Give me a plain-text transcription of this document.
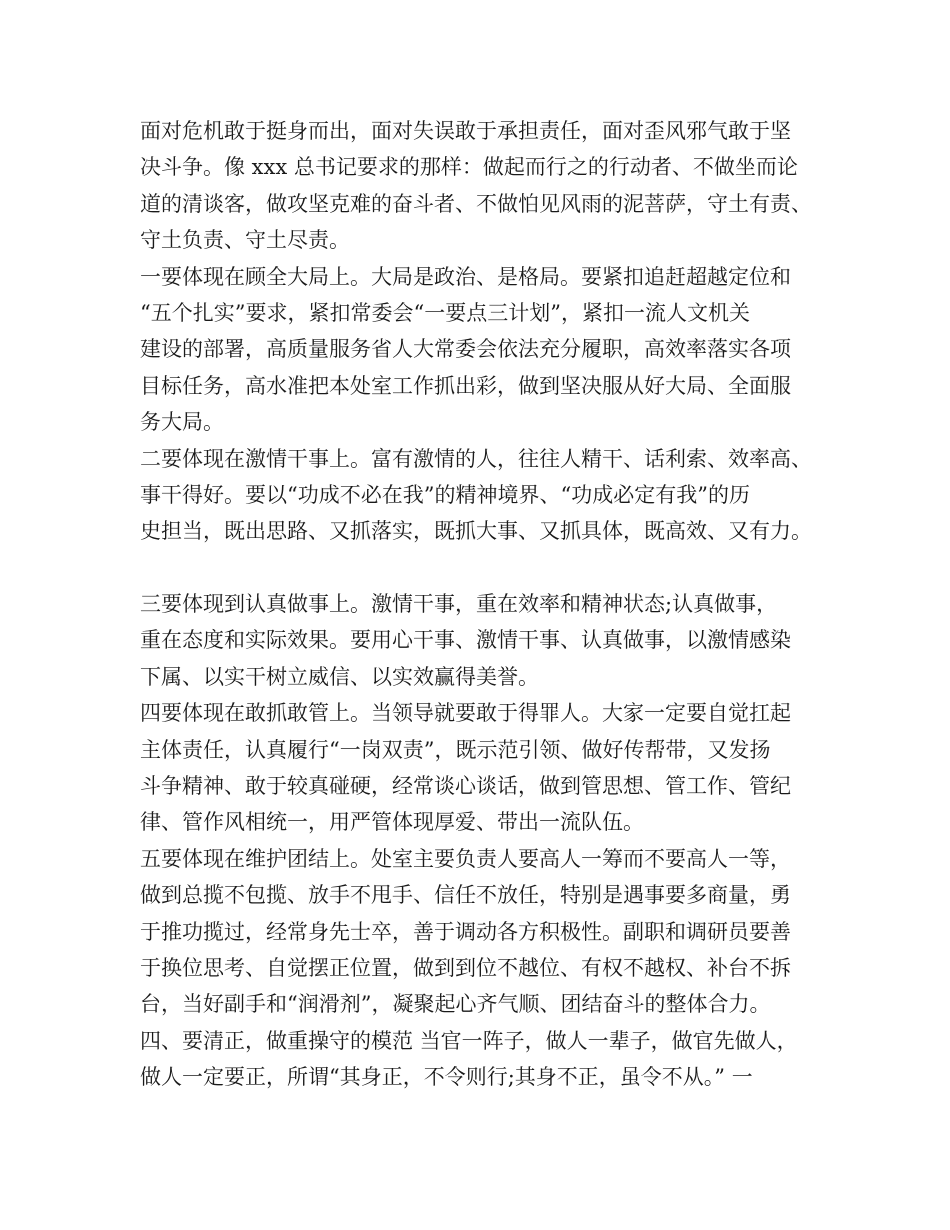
面对危机敢于挺身而出，面对失误敢于承担责任，面对歪风邪气敢于坚
决斗争。像 xxx 总书记要求的那样：做起而行之的行动者、不做坐而论
道的清谈客，做攻坚克难的奋斗者、不做怕见风雨的泥菩萨，守土有责、
守土负责、守土尽责。
一要体现在顾全大局上。大局是政治、是格局。要紧扣追赶超越定位和
“五个扎实”要求，紧扣常委会“一要点三计划”，紧扣一流人文机关
建设的部署，高质量服务省人大常委会依法充分履职，高效率落实各项
目标任务，高水准把本处室工作抓出彩，做到坚决服从好大局、全面服
务大局。
二要体现在激情干事上。富有激情的人，往往人精干、话利索、效率高、
事干得好。要以“功成不必在我”的精神境界、“功成必定有我”的历
史担当，既出思路、又抓落实，既抓大事、又抓具体，既高效、又有力。
三要体现到认真做事上。激情干事，重在效率和精神状态;认真做事，
重在态度和实际效果。要用心干事、激情干事、认真做事，以激情感染
下属、以实干树立威信、以实效赢得美誉。
四要体现在敢抓敢管上。当领导就要敢于得罪人。大家一定要自觉扛起
主体责任，认真履行“一岗双责”，既示范引领、做好传帮带，又发扬
斗争精神、敢于较真碰硬，经常谈心谈话，做到管思想、管工作、管纪
律、管作风相统一，用严管体现厚爱、带出一流队伍。
五要体现在维护团结上。处室主要负责人要高人一筹而不要高人一等，
做到总揽不包揽、放手不甩手、信任不放任，特别是遇事要多商量，勇
于推功揽过，经常身先士卒，善于调动各方积极性。副职和调研员要善
于换位思考、自觉摆正位置，做到到位不越位、有权不越权、补台不拆
台，当好副手和“润滑剂”，凝聚起心齐气顺、团结奋斗的整体合力。
四、要清正，做重操守的模范 当官一阵子，做人一辈子，做官先做人，
做人一定要正，所谓“其身正，不令则行;其身不正，虽令不从。” 一
